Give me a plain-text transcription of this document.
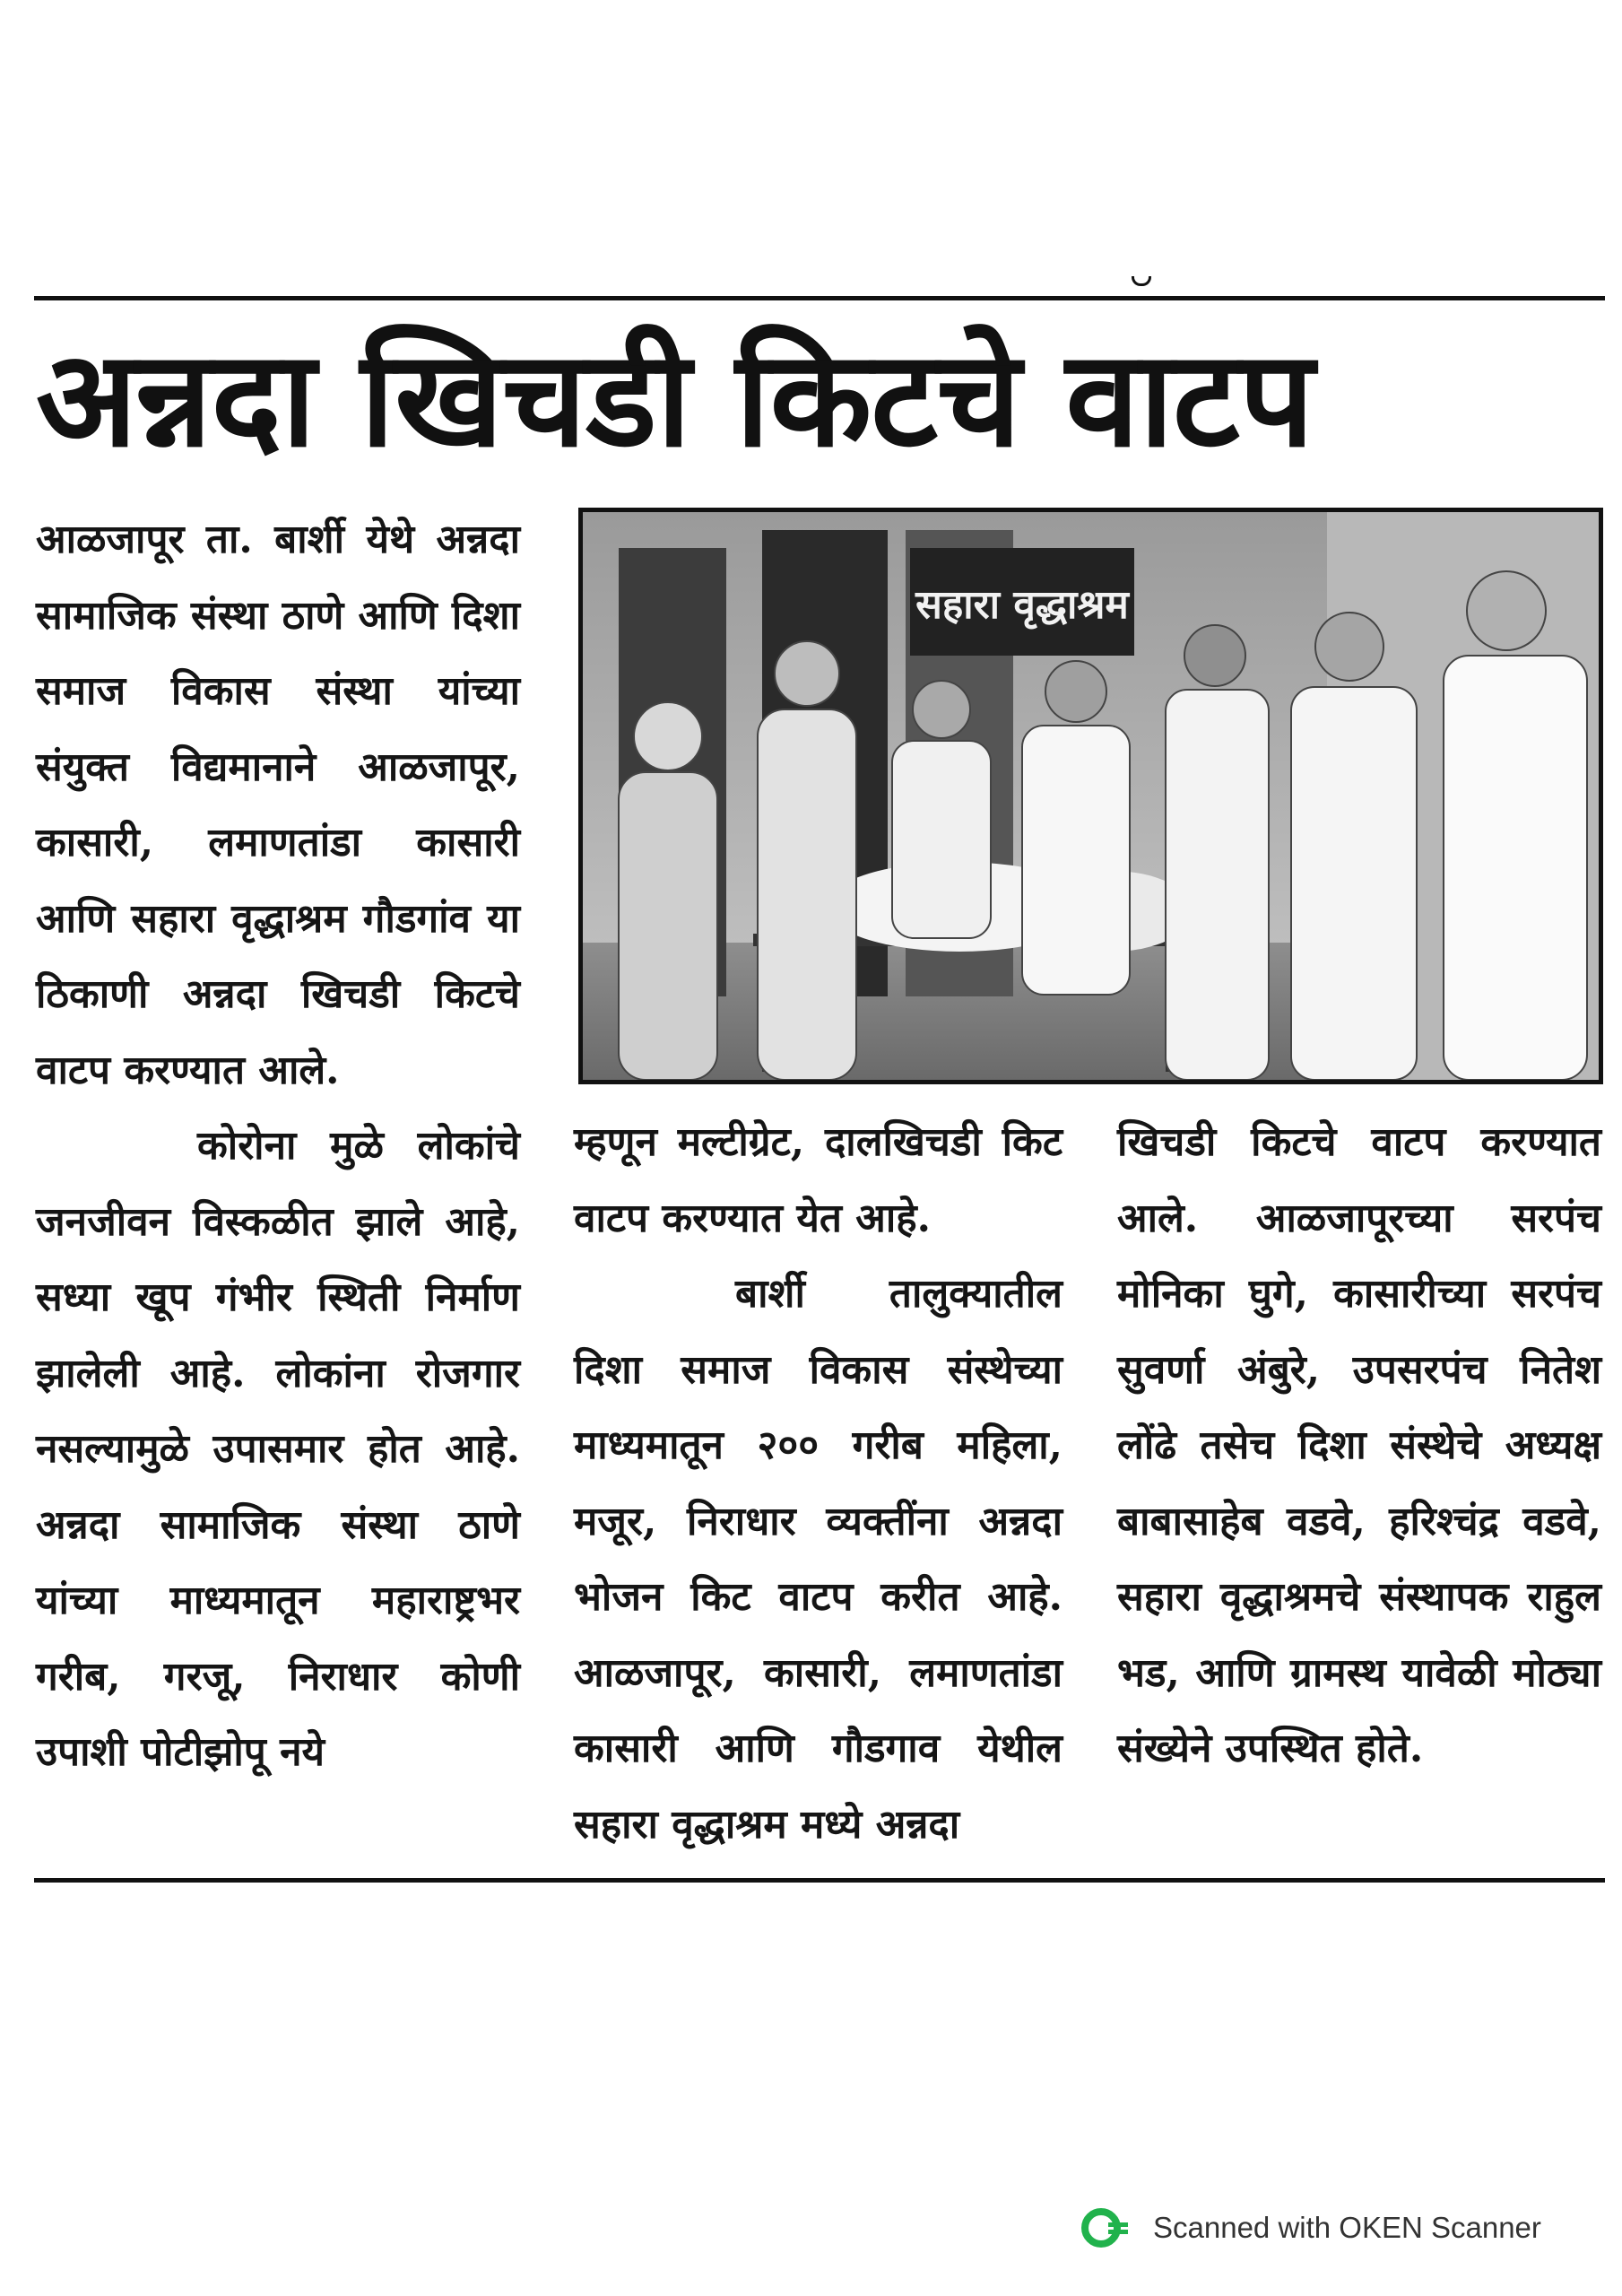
अन्नदा खिचडी किटचे वाटप

आळजापूर ता. बार्शी येथे अन्नदा सामाजिक संस्था ठाणे आणि दिशा समाज विकास संस्था यांच्या संयुक्त विद्यमानाने आळजापूर, कासारी, लमाणतांडा कासारी आणि सहारा वृद्धाश्रम गौडगांव या ठिकाणी अन्नदा खिचडी किटचे वाटप करण्यात आले.

कोरोना मुळे लोकांचे जनजीवन विस्कळीत झाले आहे, सध्या खूप गंभीर स्थिती निर्माण झालेली आहे. लोकांना रोजगार नसल्यामुळे उपासमार होत आहे. अन्नदा सामाजिक संस्था ठाणे यांच्या माध्यमातून महाराष्ट्रभर गरीब, गरजू, निराधार कोणी उपाशी पोटीझोपू नये

सहारा वृद्धाश्रम

म्हणून मल्टीग्रेट, दालखिचडी किट वाटप करण्यात येत आहे.

बार्शी तालुक्यातील दिशा समाज विकास संस्थेच्या माध्यमातून २०० गरीब महिला, मजूर, निराधार व्यक्तींना अन्नदा भोजन किट वाटप करीत आहे. आळजापूर, कासारी, लमाणतांडा कासारी आणि गौडगाव येथील सहारा वृद्धाश्रम मध्ये अन्नदा

खिचडी किटचे वाटप करण्यात आले. आळजापूरच्या सरपंच मोनिका घुगे, कासारीच्या सरपंच सुवर्णा अंबुरे, उपसरपंच नितेश लोंढे तसेच दिशा संस्थेचे अध्यक्ष बाबासाहेब वडवे, हरिश्चंद्र वडवे, सहारा वृद्धाश्रमचे संस्थापक राहुल भड, आणि ग्रामस्थ यावेळी मोठ्या संख्येने उपस्थित होते.

Scanned with OKEN Scanner
